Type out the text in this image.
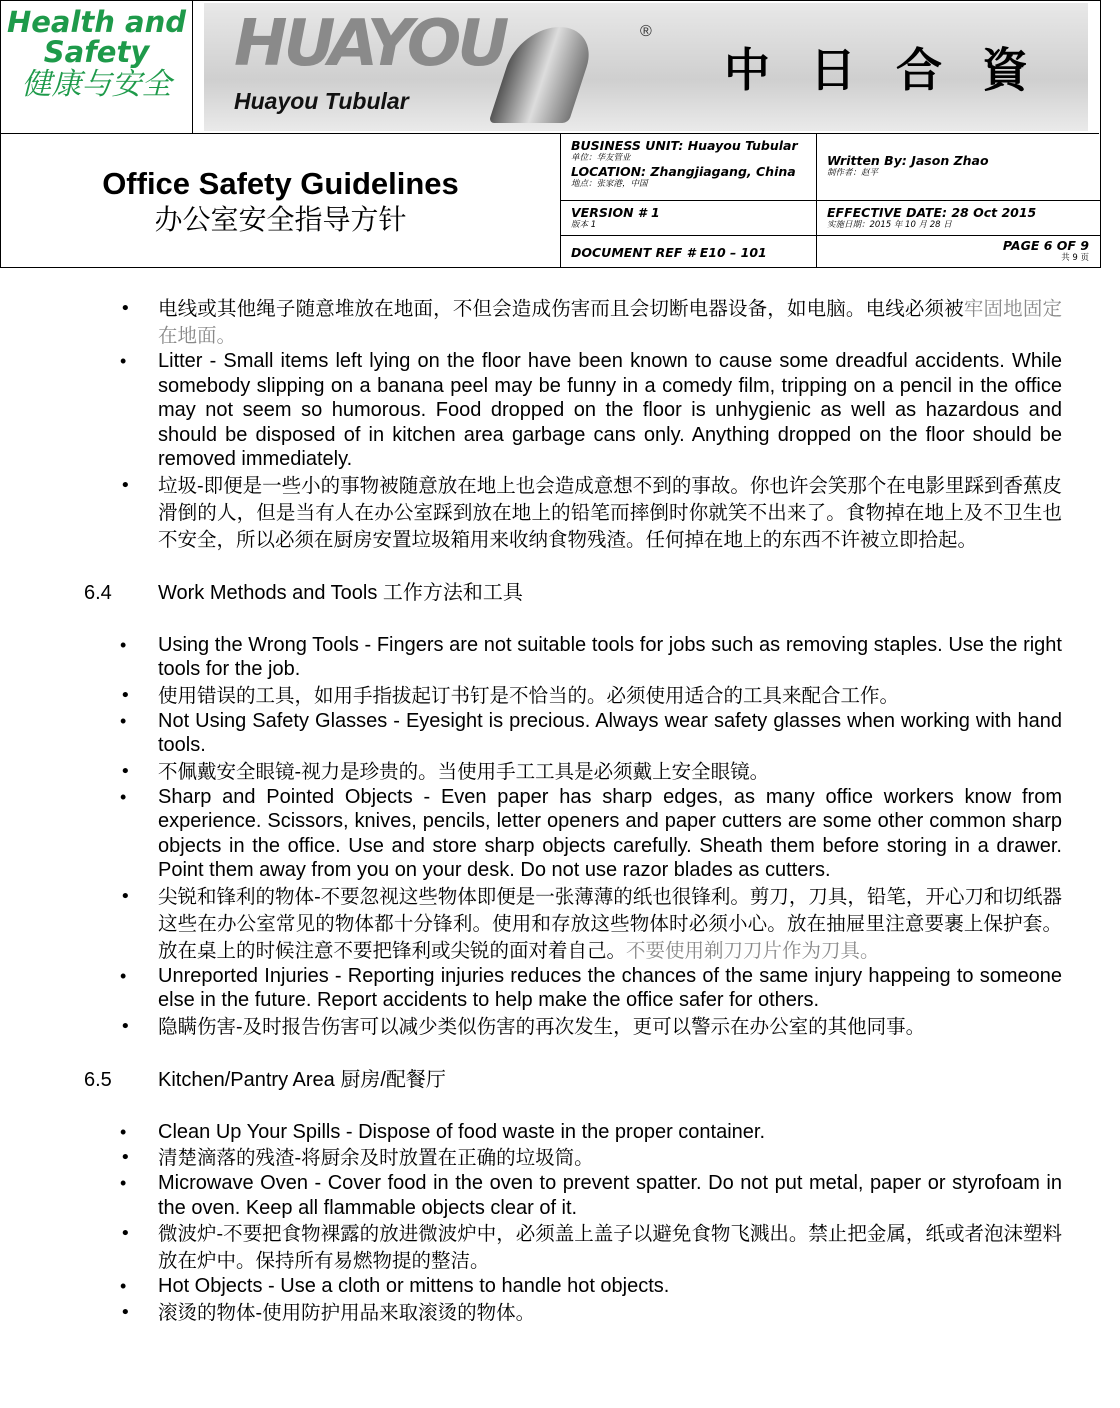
Health and Safety
健康与安全
HUAYOU
Huayou Tubular
®
中日合資
Office Safety Guidelines
办公室安全指导方针
BUSINESS UNIT: Huayou Tubular
单位：华友管业
LOCATION: Zhangjiagang, China
地点：张家港，中国
Written By: Jason Zhao
制作者：赵平
VERSION # 1
版本 1
EFFECTIVE DATE: 28 Oct 2015
实施日期：2015 年 10 月 28 日
DOCUMENT REF # E10 – 101	PAGE 6 OF 9
共 9 页
• 电线或其他绳子随意堆放在地面，不但会造成伤害而且会切断电器设备，如电脑。电线必须被牢固地固定在地面。
• Litter - Small items left lying on the floor have been known to cause some dreadful accidents. While somebody slipping on a banana peel may be funny in a comedy film, tripping on a pencil in the office may not seem so humorous. Food dropped on the floor is unhygienic as well as hazardous and should be disposed of in kitchen area garbage cans only. Anything dropped on the floor should be removed immediately.
• 垃圾-即便是一些小的事物被随意放在地上也会造成意想不到的事故。你也许会笑那个在电影里踩到香蕉皮滑倒的人，但是当有人在办公室踩到放在地上的铅笔而摔倒时你就笑不出来了。食物掉在地上及不卫生也不安全，所以必须在厨房安置垃圾箱用来收纳食物残渣。任何掉在地上的东西不许被立即拾起。
6.4 Work Methods and Tools 工作方法和工具
• Using the Wrong Tools - Fingers are not suitable tools for jobs such as removing staples. Use the right tools for the job.
• 使用错误的工具，如用手指拔起订书钉是不恰当的。必须使用适合的工具来配合工作。
• Not Using Safety Glasses - Eyesight is precious. Always wear safety glasses when working with hand tools.
• 不佩戴安全眼镜-视力是珍贵的。当使用手工工具是必须戴上安全眼镜。
• Sharp and Pointed Objects - Even paper has sharp edges, as many office workers know from experience. Scissors, knives, pencils, letter openers and paper cutters are some other common sharp objects in the office. Use and store sharp objects carefully. Sheath them before storing in a drawer. Point them away from you on your desk. Do not use razor blades as cutters.
• 尖锐和锋利的物体-不要忽视这些物体即便是一张薄薄的纸也很锋利。剪刀，刀具，铅笔，开心刀和切纸器这些在办公室常见的物体都十分锋利。使用和存放这些物体时必须小心。放在抽屉里注意要裹上保护套。放在桌上的时候注意不要把锋利或尖锐的面对着自己。不要使用剃刀刀片作为刀具。
• Unreported Injuries - Reporting injuries reduces the chances of the same injury happeing to someone else in the future. Report accidents to help make the office safer for others.
• 隐瞒伤害-及时报告伤害可以减少类似伤害的再次发生，更可以警示在办公室的其他同事。
6.5 Kitchen/Pantry Area 厨房/配餐厅
• Clean Up Your Spills - Dispose of food waste in the proper container.
• 清楚滴落的残渣-将厨余及时放置在正确的垃圾筒。
• Microwave Oven - Cover food in the oven to prevent spatter. Do not put metal, paper or styrofoam in the oven. Keep all flammable objects clear of it.
• 微波炉-不要把食物裸露的放进微波炉中，必须盖上盖子以避免食物飞溅出。禁止把金属，纸或者泡沫塑料放在炉中。保持所有易燃物提的整洁。
• Hot Objects - Use a cloth or mittens to handle hot objects.
• 滚烫的物体-使用防护用品来取滚烫的物体。
